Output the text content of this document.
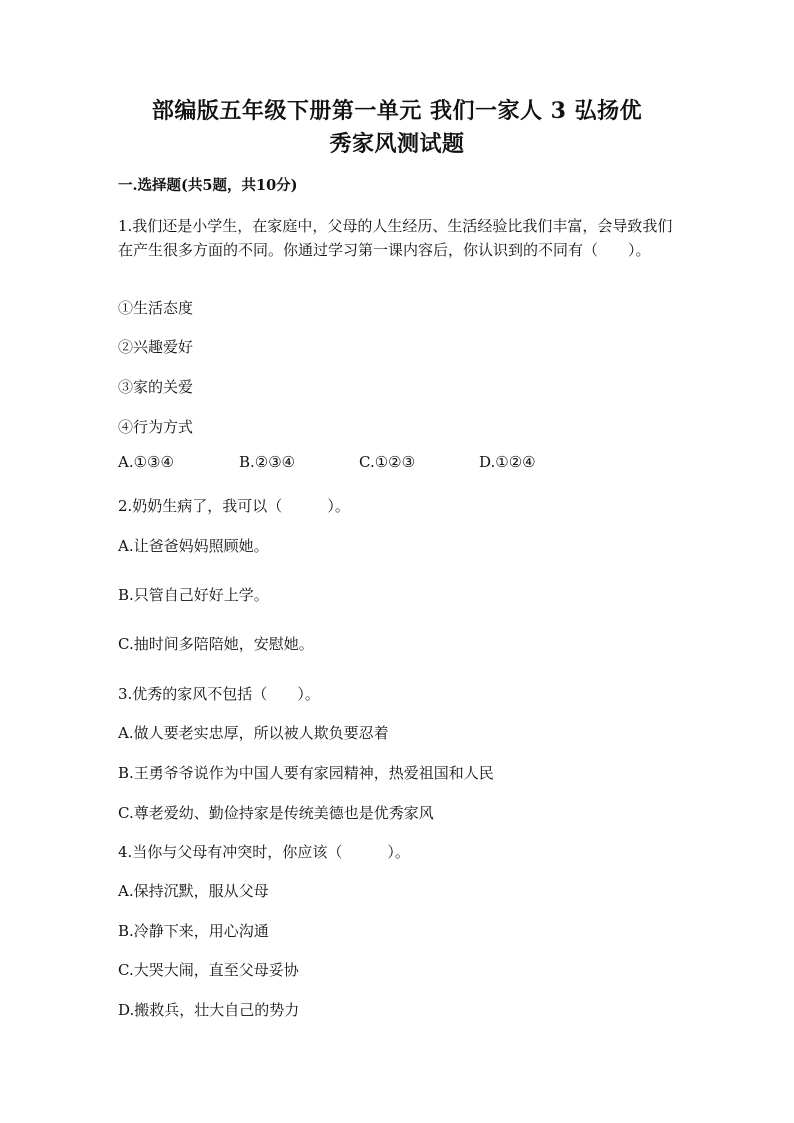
部编版五年级下册第一单元 我们一家人 3 弘扬优
秀家风测试题
一.选择题(共5题，共10分)
1.我们还是小学生，在家庭中，父母的人生经历、生活经验比我们丰富，会导致我们在产生很多方面的不同。你通过学习第一课内容后，你认识到的不同有（　　）。
①生活态度
②兴趣爱好
③家的关爱
④行为方式
A.①③④	B.②③④	C.①②③	D.①②④
2.奶奶生病了，我可以（　　　）。
A.让爸爸妈妈照顾她。
B.只管自己好好上学。
C.抽时间多陪陪她，安慰她。
3.优秀的家风不包括（　　）。
A.做人要老实忠厚，所以被人欺负要忍着
B.王勇爷爷说作为中国人要有家园精神，热爱祖国和人民
C.尊老爱幼、勤俭持家是传统美德也是优秀家风
4.当你与父母有冲突时，你应该（　　　）。
A.保持沉默，服从父母
B.冷静下来，用心沟通
C.大哭大闹，直至父母妥协
D.搬救兵，壮大自己的势力
